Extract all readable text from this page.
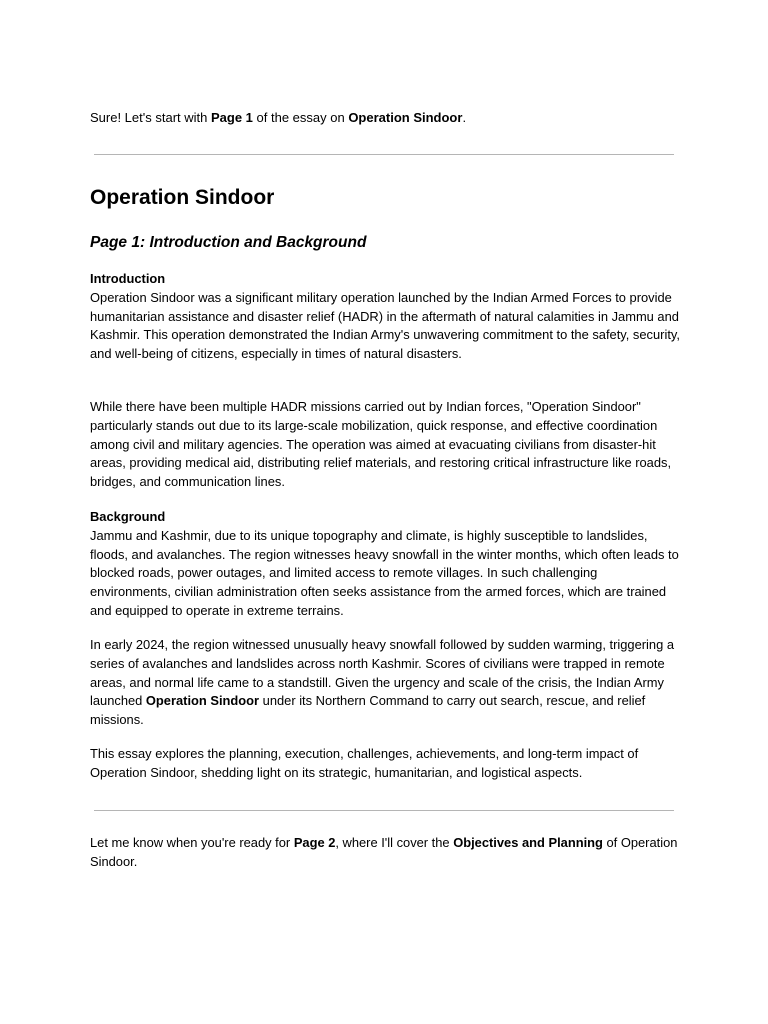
Sure! Let's start with Page 1 of the essay on Operation Sindoor.

Operation Sindoor
Page 1: Introduction and Background
Introduction

Operation Sindoor was a significant military operation launched by the Indian Armed Forces to provide humanitarian assistance and disaster relief (HADR) in the aftermath of natural calamities in Jammu and Kashmir. This operation demonstrated the Indian Army's unwavering commitment to the safety, security, and well-being of citizens, especially in times of natural disasters.

While there have been multiple HADR missions carried out by Indian forces, "Operation Sindoor" particularly stands out due to its large-scale mobilization, quick response, and effective coordination among civil and military agencies. The operation was aimed at evacuating civilians from disaster-hit areas, providing medical aid, distributing relief materials, and restoring critical infrastructure like roads, bridges, and communication lines.

Background

Jammu and Kashmir, due to its unique topography and climate, is highly susceptible to landslides, floods, and avalanches. The region witnesses heavy snowfall in the winter months, which often leads to blocked roads, power outages, and limited access to remote villages. In such challenging environments, civilian administration often seeks assistance from the armed forces, which are trained and equipped to operate in extreme terrains.

In early 2024, the region witnessed unusually heavy snowfall followed by sudden warming, triggering a series of avalanches and landslides across north Kashmir. Scores of civilians were trapped in remote areas, and normal life came to a standstill. Given the urgency and scale of the crisis, the Indian Army launched Operation Sindoor under its Northern Command to carry out search, rescue, and relief missions.

This essay explores the planning, execution, challenges, achievements, and long-term impact of Operation Sindoor, shedding light on its strategic, humanitarian, and logistical aspects.

Let me know when you're ready for Page 2, where I'll cover the Objectives and Planning of Operation Sindoor.
